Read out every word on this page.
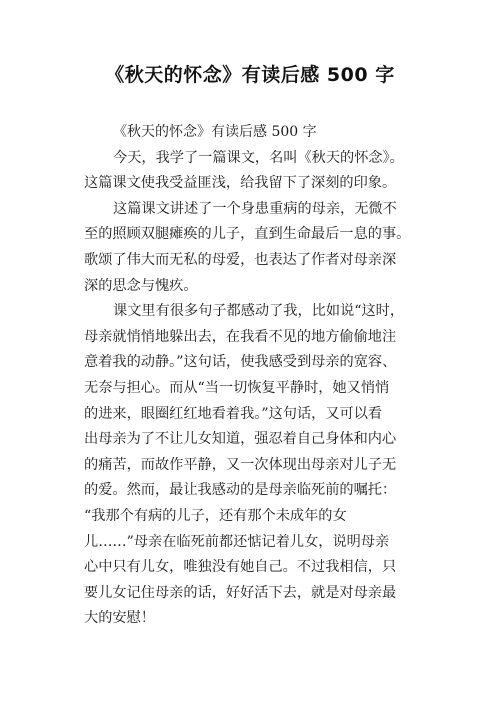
《秋天的怀念》有读后感 500 字
《秋天的怀念》有读后感 500 字
今天，我学了一篇课文，名叫《秋天的怀念》。
这篇课文使我受益匪浅，给我留下了深刻的印象。
这篇课文讲述了一个身患重病的母亲，无微不
至的照顾双腿瘫痪的儿子，直到生命最后一息的事。
歌颂了伟大而无私的母爱，也表达了作者对母亲深
深的思念与愧疚。
课文里有很多句子都感动了我，比如说“这时，
母亲就悄悄地躲出去，在我看不见的地方偷偷地注
意着我的动静。”这句话，使我感受到母亲的宽容、
无奈与担心。而从“当一切恢复平静时，她又悄悄
的进来，眼圈红红地看着我。”这句话，又可以看
出母亲为了不让儿女知道，强忍着自己身体和内心
的痛苦，而故作平静，又一次体现出母亲对儿子无
的爱。然而，最让我感动的是母亲临死前的嘱托：
“我那个有病的儿子，还有那个未成年的女
儿……”母亲在临死前都还惦记着儿女，说明母亲
心中只有儿女，唯独没有她自己。不过我相信，只
要儿女记住母亲的话，好好活下去，就是对母亲最
大的安慰！
